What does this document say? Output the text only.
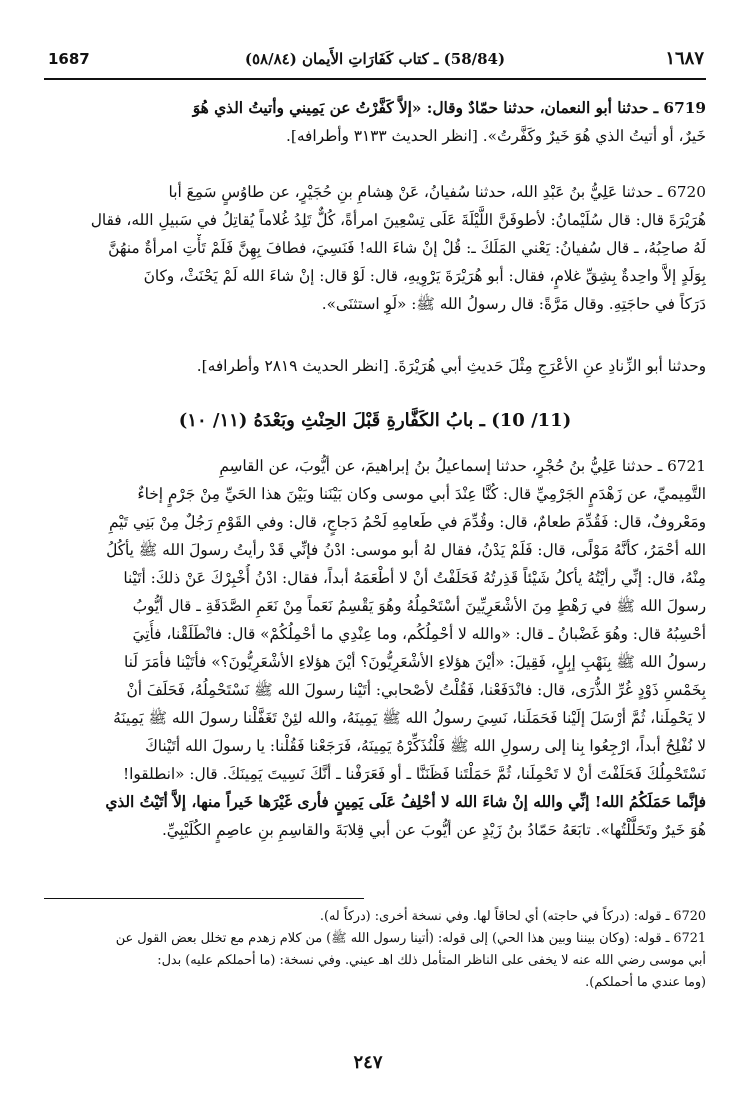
1687	(58/84) ـ كتاب كَفَارَاتِ الأَيمان (٥٨/٨٤)	١٦٨٧
6719 ـ حدثنا أبو النعمان، حدثنا حمّادٌ وقال: «إلاَّ كَفَّرْتُ عن يَمِيني وأتيتُ الذي هُوَ
خَيرٌ، أو أتيتُ الذي هُوَ خَيرٌ وكَفَّرتُ». [انظر الحديث ٣١٣٣ وأطرافه].
6720 ـ حدثنا عَلِيُّ بنُ عَبْدِ الله، حدثنا سُفيانُ، عَنْ هِشامِ بنِ حُجَيْرٍ، عن طاوُسٍ سَمِعَ أبا
هُرَيْرَةَ قال: قال سُلَيْمانُ: لأطوفَنَّ اللَّيْلَةَ عَلَى تِسْعِينَ امرأةً، كُلٌّ تَلِدُ غُلاماً يُقاتِلُ في سَبيلِ الله، فقال
لَهُ صاحِبُهُ، ـ قال سُفيانُ: يَعْني المَلَكَ ـ: قُلْ إنْ شاءَ الله! فَنَسِيَ، فطافَ بِهِنَّ فَلَمْ تَأْتِ امرأةٌ منهُنَّ
بِوَلَدٍ إلاَّ واحِدةٌ بِشِقِّ غلامٍ، فقال: أبو هُرَيْرَةَ يَرْوِيهِ، قال: لَوْ قال: إنْ شاءَ الله لَمْ يَحْنَثْ، وكانَ
دَرَكاً في حاجَتِهِ. وقال مَرَّةً: قال رسولُ الله ﷺ: «لَوِ استثنَى».
وحدثنا أبو الزِّنادِ عنِ الأعْرَجِ مِثْلَ حَديثِ أبي هُرَيْرَةَ. [انظر الحديث ٢٨١٩ وأطرافه].
(11/ 10) ـ بابُ الكَفَّارةِ قَبْلَ الحِنْثِ وبَعْدَهُ (١١/ ١٠)
6721 ـ حدثنا عَلِيُّ بنُ حُجْرٍ، حدثنا إسماعيلُ بنُ إبراهيمَ، عن أيُّوبَ، عن القاسِمِ
التَّمِيميِّ، عن زَهْدَمٍ الجَرْمِيِّ قال: كُنَّا عِنْدَ أبي موسى وكان بَيْنَنا وبَيْنَ هذا الحَيِّ مِنْ جَرْمٍ إخاءٌ
ومَعْروفٌ، قال: فَقُدِّمَ طعامٌ، قال: وقُدِّمَ في طَعامِهِ لَحْمُ دَجاجٍ، قال: وفي القَوْمِ رَجُلٌ مِنْ بَنِي تَيْمِ
الله أحْمَرُ، كأنَّهُ مَوْلًى، قال: فَلَمْ يَدْنُ، فقال لهُ أبو موسى: ادْنُ فإنِّي قَدْ رأيتُ رسولَ الله ﷺ يأكُلُ
مِنْهُ، قال: إنِّي رأيْتُهُ يأكلُ شَيْئاً قَذِرتُهُ فَحَلَفْتُ أنْ لا أطْعَمَهُ أبداً، فقال: ادْنُ أُخْبِرْكَ عَنْ ذلكَ: أتَيْنا
رسولَ الله ﷺ في رَهْطٍ مِنَ الأشْعَرِيِّينَ أسْتَحْمِلُهُ وهُوَ يَقْسِمُ نَعَماً مِنْ نَعَمِ الصَّدَقَةِ ـ قال أيُّوبُ
أحْسِبُهُ قال: وهُوَ غَضْبانُ ـ قال: «والله لا أحْمِلُكُم، وما عِنْدِي ما أحْمِلُكُمْ» قال: فانْطَلَقْنا، فأُتِيَ
رسولُ الله ﷺ بِنَهْبِ إبِلٍ، فَقِيلَ: «أيْنَ هؤلاءِ الأشْعَرِيُّونَ؟ أيْنَ هؤلاءِ الأشْعَرِيُّونَ؟» فأتَيْنا فأمَرَ لَنا
بِخَمْسِ ذَوْدٍ غُرِّ الذُّرَى، قال: فانْدَفَعْنا، فَقُلْتُ لأصْحابي: أتَيْنا رسولَ الله ﷺ نَسْتَحْمِلُهُ، فَحَلَفَ أنْ
لا يَحْمِلَنا، ثُمَّ أرْسَلَ إلَيْنا فَحَمَلَنا، نَسِيَ رسولُ الله ﷺ يَمِينَهُ، والله لئِنْ تَغَفَّلْنا رسولَ الله ﷺ يَمِينَهُ
لا نُفْلِحُ أبداً، ارْجِعُوا بِنا إلى رسولِ الله ﷺ فَلْنُذَكِّرْهُ يَمِينَهُ، فَرَجَعْنا فَقُلْنا: يا رسولَ الله أتَيْناكَ
نَسْتَحْمِلُكَ فَحَلَفْتَ أنْ لا تَحْمِلَنا، ثُمَّ حَمَلْتَنا فَظَنَنَّا ـ أو فَعَرَفْنا ـ أنَّكَ نَسِيتَ يَمِينَكَ. قال: «انطلقوا!
فإنَّما حَمَلَكُمُ الله! إنِّي والله إنْ شاءَ الله لا أحْلِفُ عَلَى يَمِينٍ فأرى غَيْرَها خَيراً منها، إلاَّ أتَيْتُ الذي
هُوَ خَيرٌ وتَحَلَّلْتُها». تابَعَهُ حَمّادُ بنُ زَيْدٍ عن أيُّوبَ عن أبي قِلابَةَ والقاسِمِ بنِ عاصِمٍ الكُلَيْبِيِّ.
6720 ـ قوله: (دركاً في حاجته) أي لحاقاً لها. وفي نسخة أخرى: (دركاً له).
6721 ـ قوله: (وكان بيننا وبين هذا الحي) إلى قوله: (أتينا رسول الله ﷺ) من كلام زهدم مع تخلل بعض القول عن
أبي موسى رضي الله عنه لا يخفى على الناظر المتأمل ذلك اهـ عيني. وفي نسخة: (ما أحملكم عليه) بدل:
(وما عندي ما أحملكم).
٢٤٧
